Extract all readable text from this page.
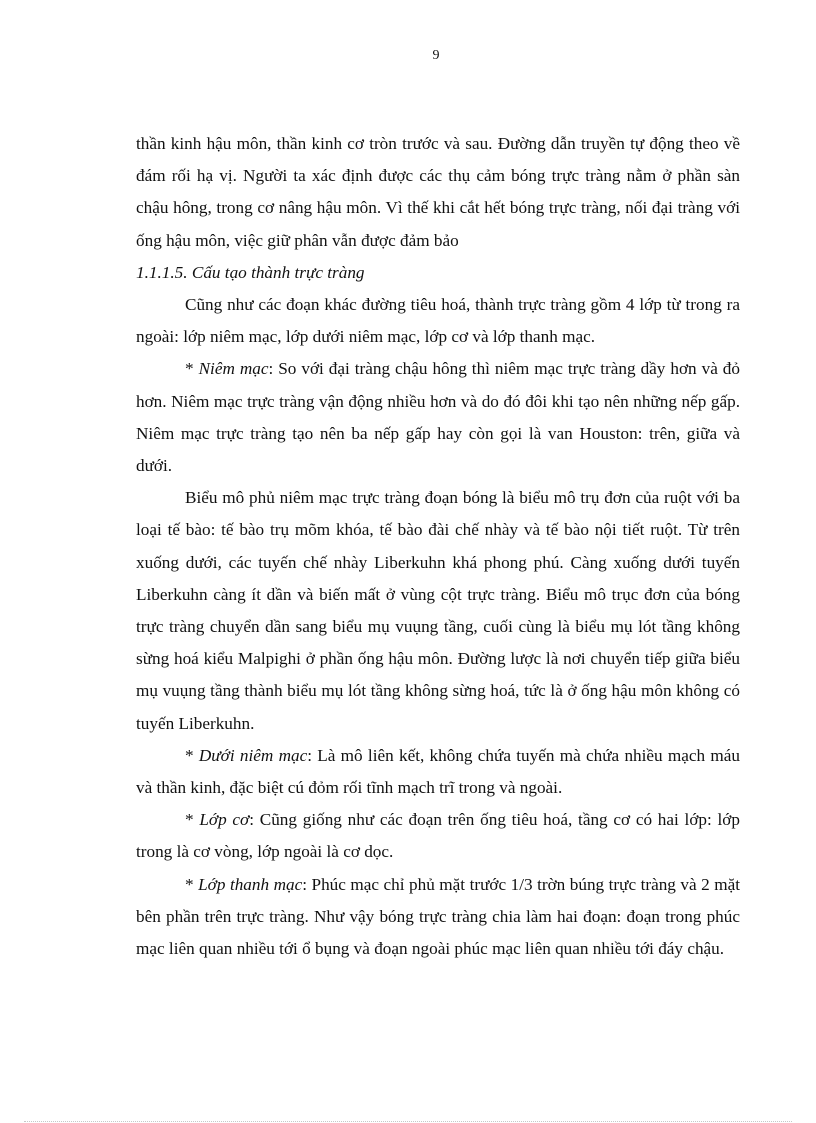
9

thần kinh hậu môn, thần kinh cơ tròn trước và sau. Đường dẫn truyền tự động theo về đám rối hạ vị. Người ta xác định được các thụ cảm bóng trực tràng nằm ở phần sàn chậu hông, trong cơ nâng hậu môn. Vì thế khi cắt hết bóng trực tràng, nối đại tràng với ống hậu môn, việc giữ phân vẫn được đảm bảo

1.1.1.5. Cấu tạo thành trực tràng

Cũng như các đoạn khác đường tiêu hoá, thành trực tràng gồm 4 lớp từ trong ra ngoài: lớp niêm mạc, lớp dưới niêm mạc, lớp cơ và lớp thanh mạc.

* Niêm mạc: So với đại tràng chậu hông thì niêm mạc trực tràng dầy hơn và đỏ hơn. Niêm mạc trực tràng vận động nhiều hơn và do đó đôi khi tạo nên những nếp gấp. Niêm mạc trực tràng tạo nên ba nếp gấp hay còn gọi là van Houston: trên, giữa và dưới.

Biểu mô phủ niêm mạc trực tràng đoạn bóng là biểu mô trụ đơn của ruột với ba loại tế bào: tế bào trụ mõm khóa, tế bào đài chế nhày và tế bào nội tiết ruột. Từ trên xuống dưới, các tuyến chế nhày Liberkuhn khá phong phú. Càng xuống dưới tuyến Liberkuhn càng ít dần và biến mất ở vùng cột trực tràng. Biểu mô trục đơn của bóng trực tràng chuyển dần sang biểu mụ vuụng tầng, cuối cùng là biểu mụ lót tầng không sừng hoá kiểu Malpighi ở phần ống hậu môn. Đường lược là nơi chuyển tiếp giữa biểu mụ vuụng tầng thành biểu mụ lót tầng không sừng hoá, tức là ở ống hậu môn không có tuyến Liberkuhn.

* Dưới niêm mạc: Là mô liên kết, không chứa tuyến mà chứa nhiều mạch máu và thần kinh, đặc biệt cú đỏm rối tĩnh mạch trĩ trong và ngoài.

* Lớp cơ: Cũng giống như các đoạn trên ống tiêu hoá, tầng cơ có hai lớp: lớp trong là cơ vòng, lớp ngoài là cơ dọc.

* Lớp thanh mạc: Phúc mạc chỉ phủ mặt trước 1/3 trờn búng trực tràng và 2 mặt bên phần trên trực tràng. Như vậy bóng trực tràng chia làm hai đoạn: đoạn trong phúc mạc liên quan nhiều tới ổ bụng và đoạn ngoài phúc mạc liên quan nhiều tới đáy chậu.
